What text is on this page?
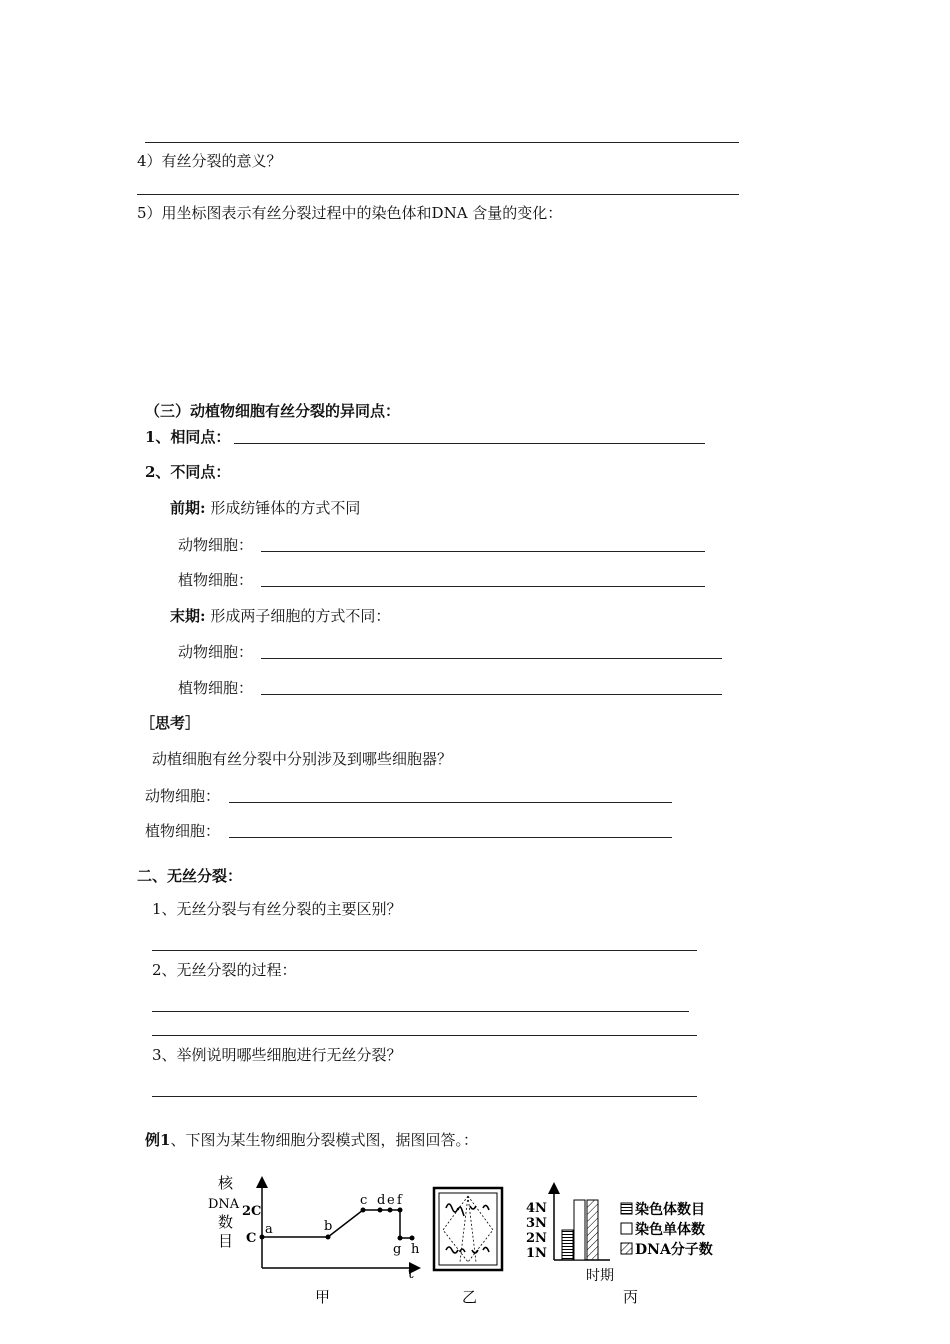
4）有丝分裂的意义？
5）用坐标图表示有丝分裂过程中的染色体和DNA 含量的变化：
（三）动植物细胞有丝分裂的异同点：
1、相同点：
2、不同点：
前期: 形成纺锤体的方式不同
动物细胞：
植物细胞：
末期: 形成两子细胞的方式不同：
动物细胞：
植物细胞：
［思考］
动植细胞有丝分裂中分别涉及到哪些细胞器？
动物细胞：
植物细胞：
二、无丝分裂：
1、无丝分裂与有丝分裂的主要区别？
2、无丝分裂的过程：
3、举例说明哪些细胞进行无丝分裂？
例1、下图为某生物细胞分裂模式图，据图回答。：
核
DNA
数
目
2C
C
t
a	b
c d e f
g h
甲	乙
4N
3N
2N
1N
时期
丙
染色体数目
染色单体数
DNA分子数
